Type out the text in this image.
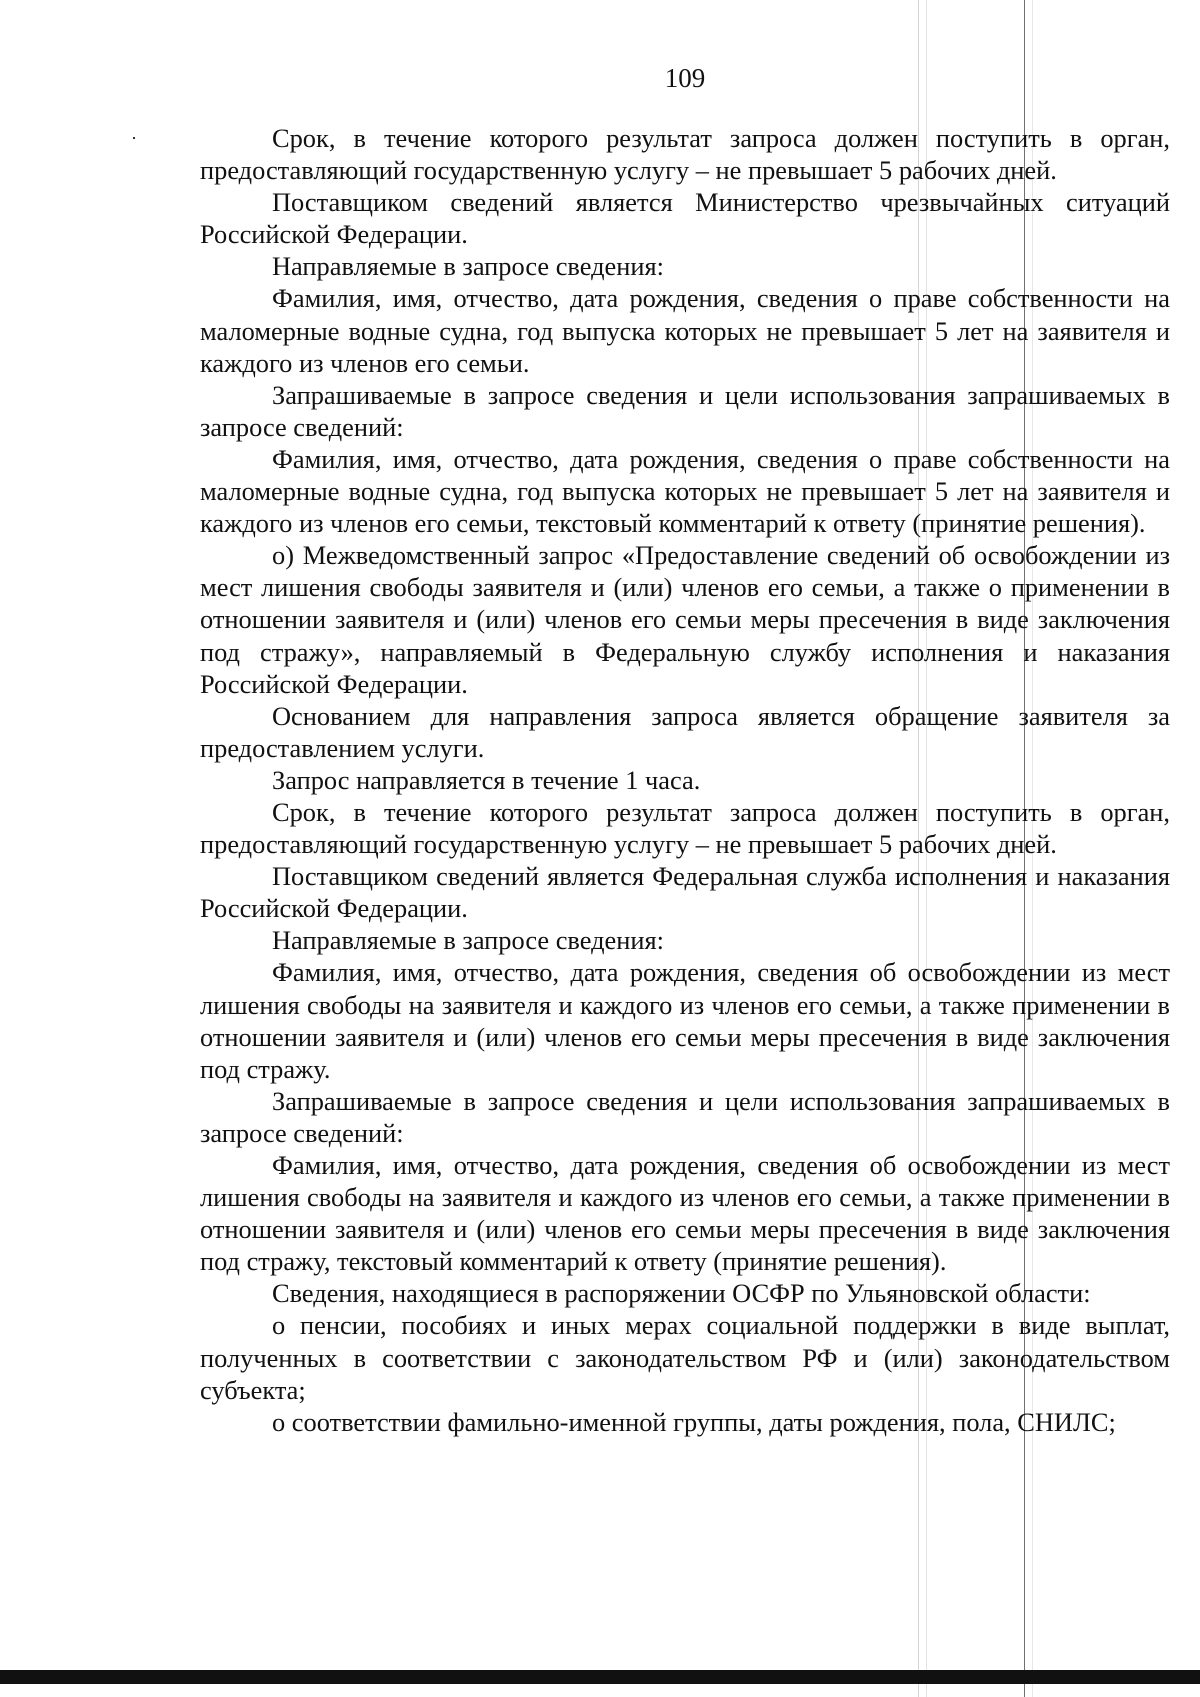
109

Срок, в течение которого результат запроса должен поступить в орган, предоставляющий государственную услугу – не превышает 5 рабочих дней.

Поставщиком сведений является Министерство чрезвычайных ситуаций Российской Федерации.

Направляемые в запросе сведения:

Фамилия, имя, отчество, дата рождения, сведения о праве собственности на маломерные водные судна, год выпуска которых не превышает 5 лет на заявителя и каждого из членов его семьи.

Запрашиваемые в запросе сведения и цели использования запрашиваемых в запросе сведений:

Фамилия, имя, отчество, дата рождения, сведения о праве собственности на маломерные водные судна, год выпуска которых не превышает 5 лет на заявителя и каждого из членов его семьи, текстовый комментарий к ответу (принятие решения).

о) Межведомственный запрос «Предоставление сведений об освобождении из мест лишения свободы заявителя и (или) членов его семьи, а также о применении в отношении заявителя и (или) членов его семьи меры пресечения в виде заключения под стражу», направляемый в Федеральную службу исполнения и наказания Российской Федерации.

Основанием для направления запроса является обращение заявителя за предоставлением услуги.

Запрос направляется в течение 1 часа.

Срок, в течение которого результат запроса должен поступить в орган, предоставляющий государственную услугу – не превышает 5 рабочих дней.

Поставщиком сведений является Федеральная служба исполнения и наказания Российской Федерации.

Направляемые в запросе сведения:

Фамилия, имя, отчество, дата рождения, сведения об освобождении из мест лишения свободы на заявителя и каждого из членов его семьи, а также применении в отношении заявителя и (или) членов его семьи меры пресечения в виде заключения под стражу.

Запрашиваемые в запросе сведения и цели использования запрашиваемых в запросе сведений:

Фамилия, имя, отчество, дата рождения, сведения об освобождении из мест лишения свободы на заявителя и каждого из членов его семьи, а также применении в отношении заявителя и (или) членов его семьи меры пресечения в виде заключения под стражу, текстовый комментарий к ответу (принятие решения).

Сведения, находящиеся в распоряжении ОСФР по Ульяновской области:

о пенсии, пособиях и иных мерах социальной поддержки в виде выплат, полученных в соответствии с законодательством РФ и (или) законодательством субъекта;

о соответствии фамильно-именной группы, даты рождения, пола, СНИЛС;
